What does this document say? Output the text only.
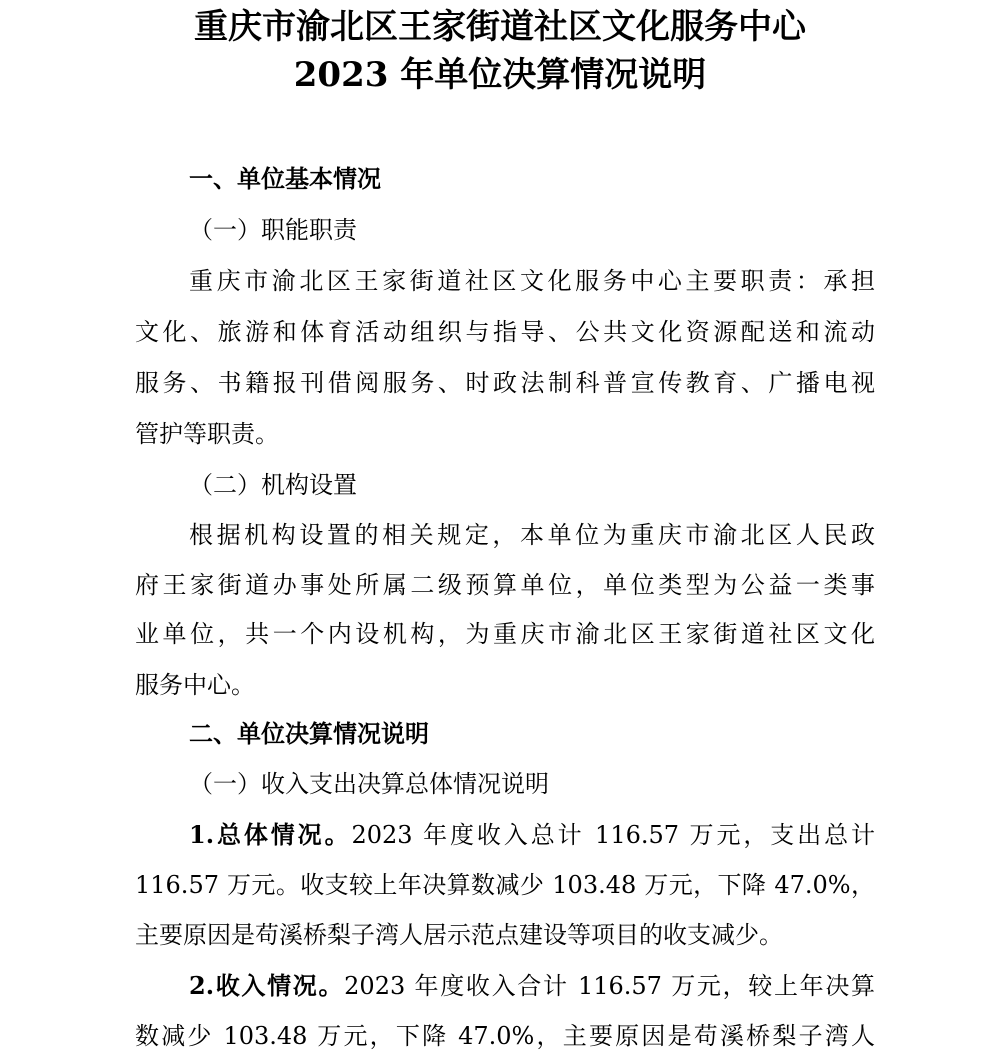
重庆市渝北区王家街道社区文化服务中心
2023 年单位决算情况说明

一、单位基本情况

（一）职能职责

重庆市渝北区王家街道社区文化服务中心主要职责：承担

文化、旅游和体育活动组织与指导、公共文化资源配送和流动

服务、书籍报刊借阅服务、时政法制科普宣传教育、广播电视

管护等职责。

（二）机构设置

根据机构设置的相关规定，本单位为重庆市渝北区人民政

府王家街道办事处所属二级预算单位，单位类型为公益一类事

业单位，共一个内设机构，为重庆市渝北区王家街道社区文化

服务中心。

二、单位决算情况说明

（一）收入支出决算总体情况说明

1.总体情况。2023 年度收入总计 116.57 万元，支出总计

116.57 万元。收支较上年决算数减少 103.48 万元，下降 47.0%，

主要原因是苟溪桥梨子湾人居示范点建设等项目的收支减少。

2.收入情况。2023 年度收入合计 116.57 万元，较上年决算

数减少 103.48 万元，下降 47.0%，主要原因是苟溪桥梨子湾人
